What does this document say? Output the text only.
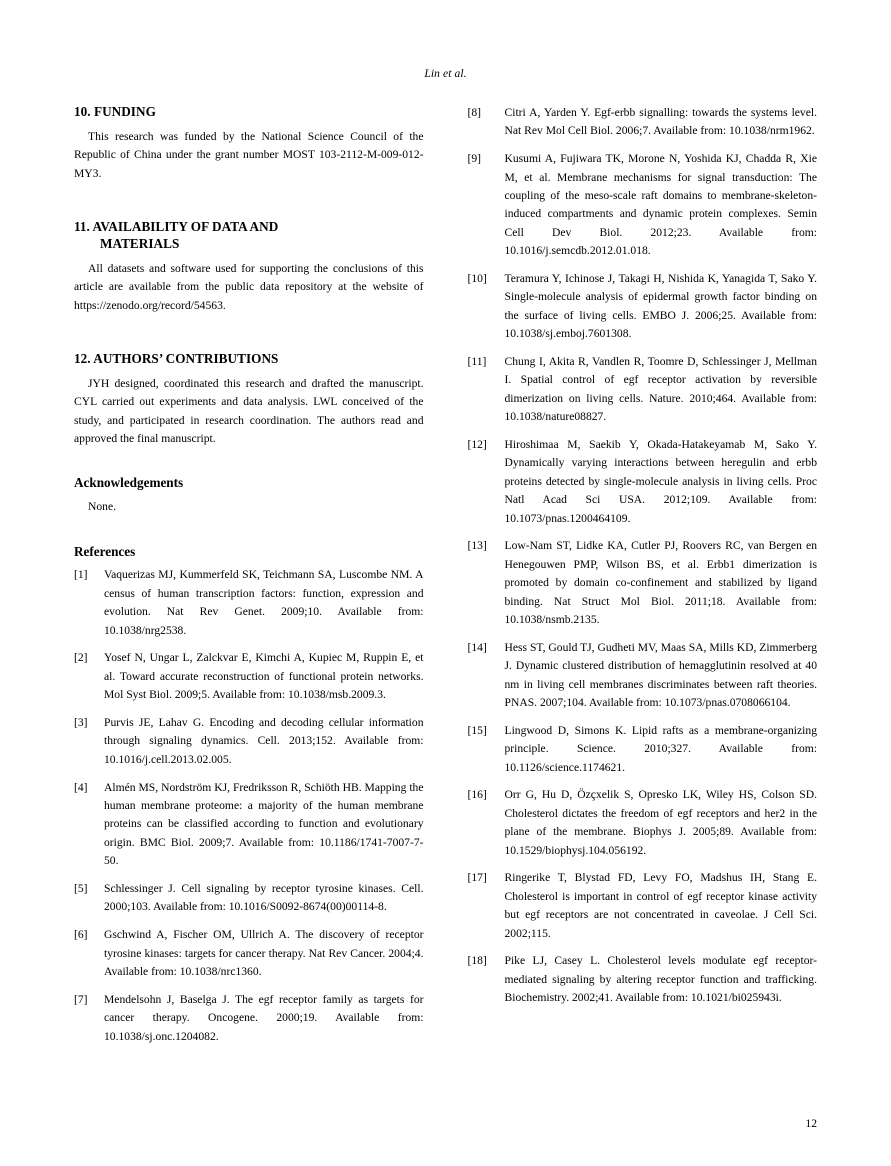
Lin et al.
10. FUNDING

This research was funded by the National Science Council of the Republic of China under the grant number MOST 103-2112-M-009-012-MY3.

11. AVAILABILITY OF DATA AND
MATERIALS

All datasets and software used for supporting the conclusions of this article are available from the public data repository at the website of https://zenodo.org/record/54563.

12. AUTHORS’ CONTRIBUTIONS

JYH designed, coordinated this research and drafted the manuscript. CYL carried out experiments and data analysis. LWL conceived of the study, and participated in research coordination. The authors read and approved the final manuscript.

Acknowledgements

None.

References
[1]	Vaquerizas MJ, Kummerfeld SK, Teichmann SA, Luscombe NM. A census of human transcription factors: function, expression and evolution. Nat Rev Genet. 2009;10. Available from: 10.1038/nrg2538.
[2]	Yosef N, Ungar L, Zalckvar E, Kimchi A, Kupiec M, Ruppin E, et al. Toward accurate reconstruction of functional protein networks. Mol Syst Biol. 2009;5. Available from: 10.1038/msb.2009.3.
[3]	Purvis JE, Lahav G. Encoding and decoding cellular information through signaling dynamics. Cell. 2013;152. Available from: 10.1016/j.cell.2013.02.005.
[4]	Almén MS, Nordström KJ, Fredriksson R, Schiöth HB. Mapping the human membrane proteome: a majority of the human membrane proteins can be classified according to function and evolutionary origin. BMC Biol. 2009;7. Available from: 10.1186/1741-7007-7-50.
[5]	Schlessinger J. Cell signaling by receptor tyrosine kinases. Cell. 2000;103. Available from: 10.1016/S0092-8674(00)00114-8.
[6]	Gschwind A, Fischer OM, Ullrich A. The discovery of receptor tyrosine kinases: targets for cancer therapy. Nat Rev Cancer. 2004;4. Available from: 10.1038/nrc1360.
[7]	Mendelsohn J, Baselga J. The egf receptor family as targets for cancer therapy. Oncogene. 2000;19. Available from: 10.1038/sj.onc.1204082.
[8]	Citri A, Yarden Y. Egf-erbb signalling: towards the systems level. Nat Rev Mol Cell Biol. 2006;7. Available from: 10.1038/nrm1962.
[9]	Kusumi A, Fujiwara TK, Morone N, Yoshida KJ, Chadda R, Xie M, et al. Membrane mechanisms for signal transduction: The coupling of the meso-scale raft domains to membrane-skeleton-induced compartments and dynamic protein complexes. Semin Cell Dev Biol. 2012;23. Available from: 10.1016/j.semcdb.2012.01.018.
[10]	Teramura Y, Ichinose J, Takagi H, Nishida K, Yanagida T, Sako Y. Single-molecule analysis of epidermal growth factor binding on the surface of living cells. EMBO J. 2006;25. Available from: 10.1038/sj.emboj.7601308.
[11]	Chung I, Akita R, Vandlen R, Toomre D, Schlessinger J, Mellman I. Spatial control of egf receptor activation by reversible dimerization on living cells. Nature. 2010;464. Available from: 10.1038/nature08827.
[12]	Hiroshimaa M, Saekib Y, Okada-Hatakeyamab M, Sako Y. Dynamically varying interactions between heregulin and erbb proteins detected by single-molecule analysis in living cells. Proc Natl Acad Sci USA. 2012;109. Available from: 10.1073/pnas.1200464109.
[13]	Low-Nam ST, Lidke KA, Cutler PJ, Roovers RC, van Bergen en Henegouwen PMP, Wilson BS, et al. Erbb1 dimerization is promoted by domain co-confinement and stabilized by ligand binding. Nat Struct Mol Biol. 2011;18. Available from: 10.1038/nsmb.2135.
[14]	Hess ST, Gould TJ, Gudheti MV, Maas SA, Mills KD, Zimmerberg J. Dynamic clustered distribution of hemagglutinin resolved at 40 nm in living cell membranes discriminates between raft theories. PNAS. 2007;104. Available from: 10.1073/pnas.0708066104.
[15]	Lingwood D, Simons K. Lipid rafts as a membrane-organizing principle. Science. 2010;327. Available from: 10.1126/science.1174621.
[16]	Orr G, Hu D, Özçxelik S, Opresko LK, Wiley HS, Colson SD. Cholesterol dictates the freedom of egf receptors and her2 in the plane of the membrane. Biophys J. 2005;89. Available from: 10.1529/biophysj.104.056192.
[17]	Ringerike T, Blystad FD, Levy FO, Madshus IH, Stang E. Cholesterol is important in control of egf receptor kinase activity but egf receptors are not concentrated in caveolae. J Cell Sci. 2002;115.
[18]	Pike LJ, Casey L. Cholesterol levels modulate egf receptor-mediated signaling by altering receptor function and trafficking. Biochemistry. 2002;41. Available from: 10.1021/bi025943i.
12
